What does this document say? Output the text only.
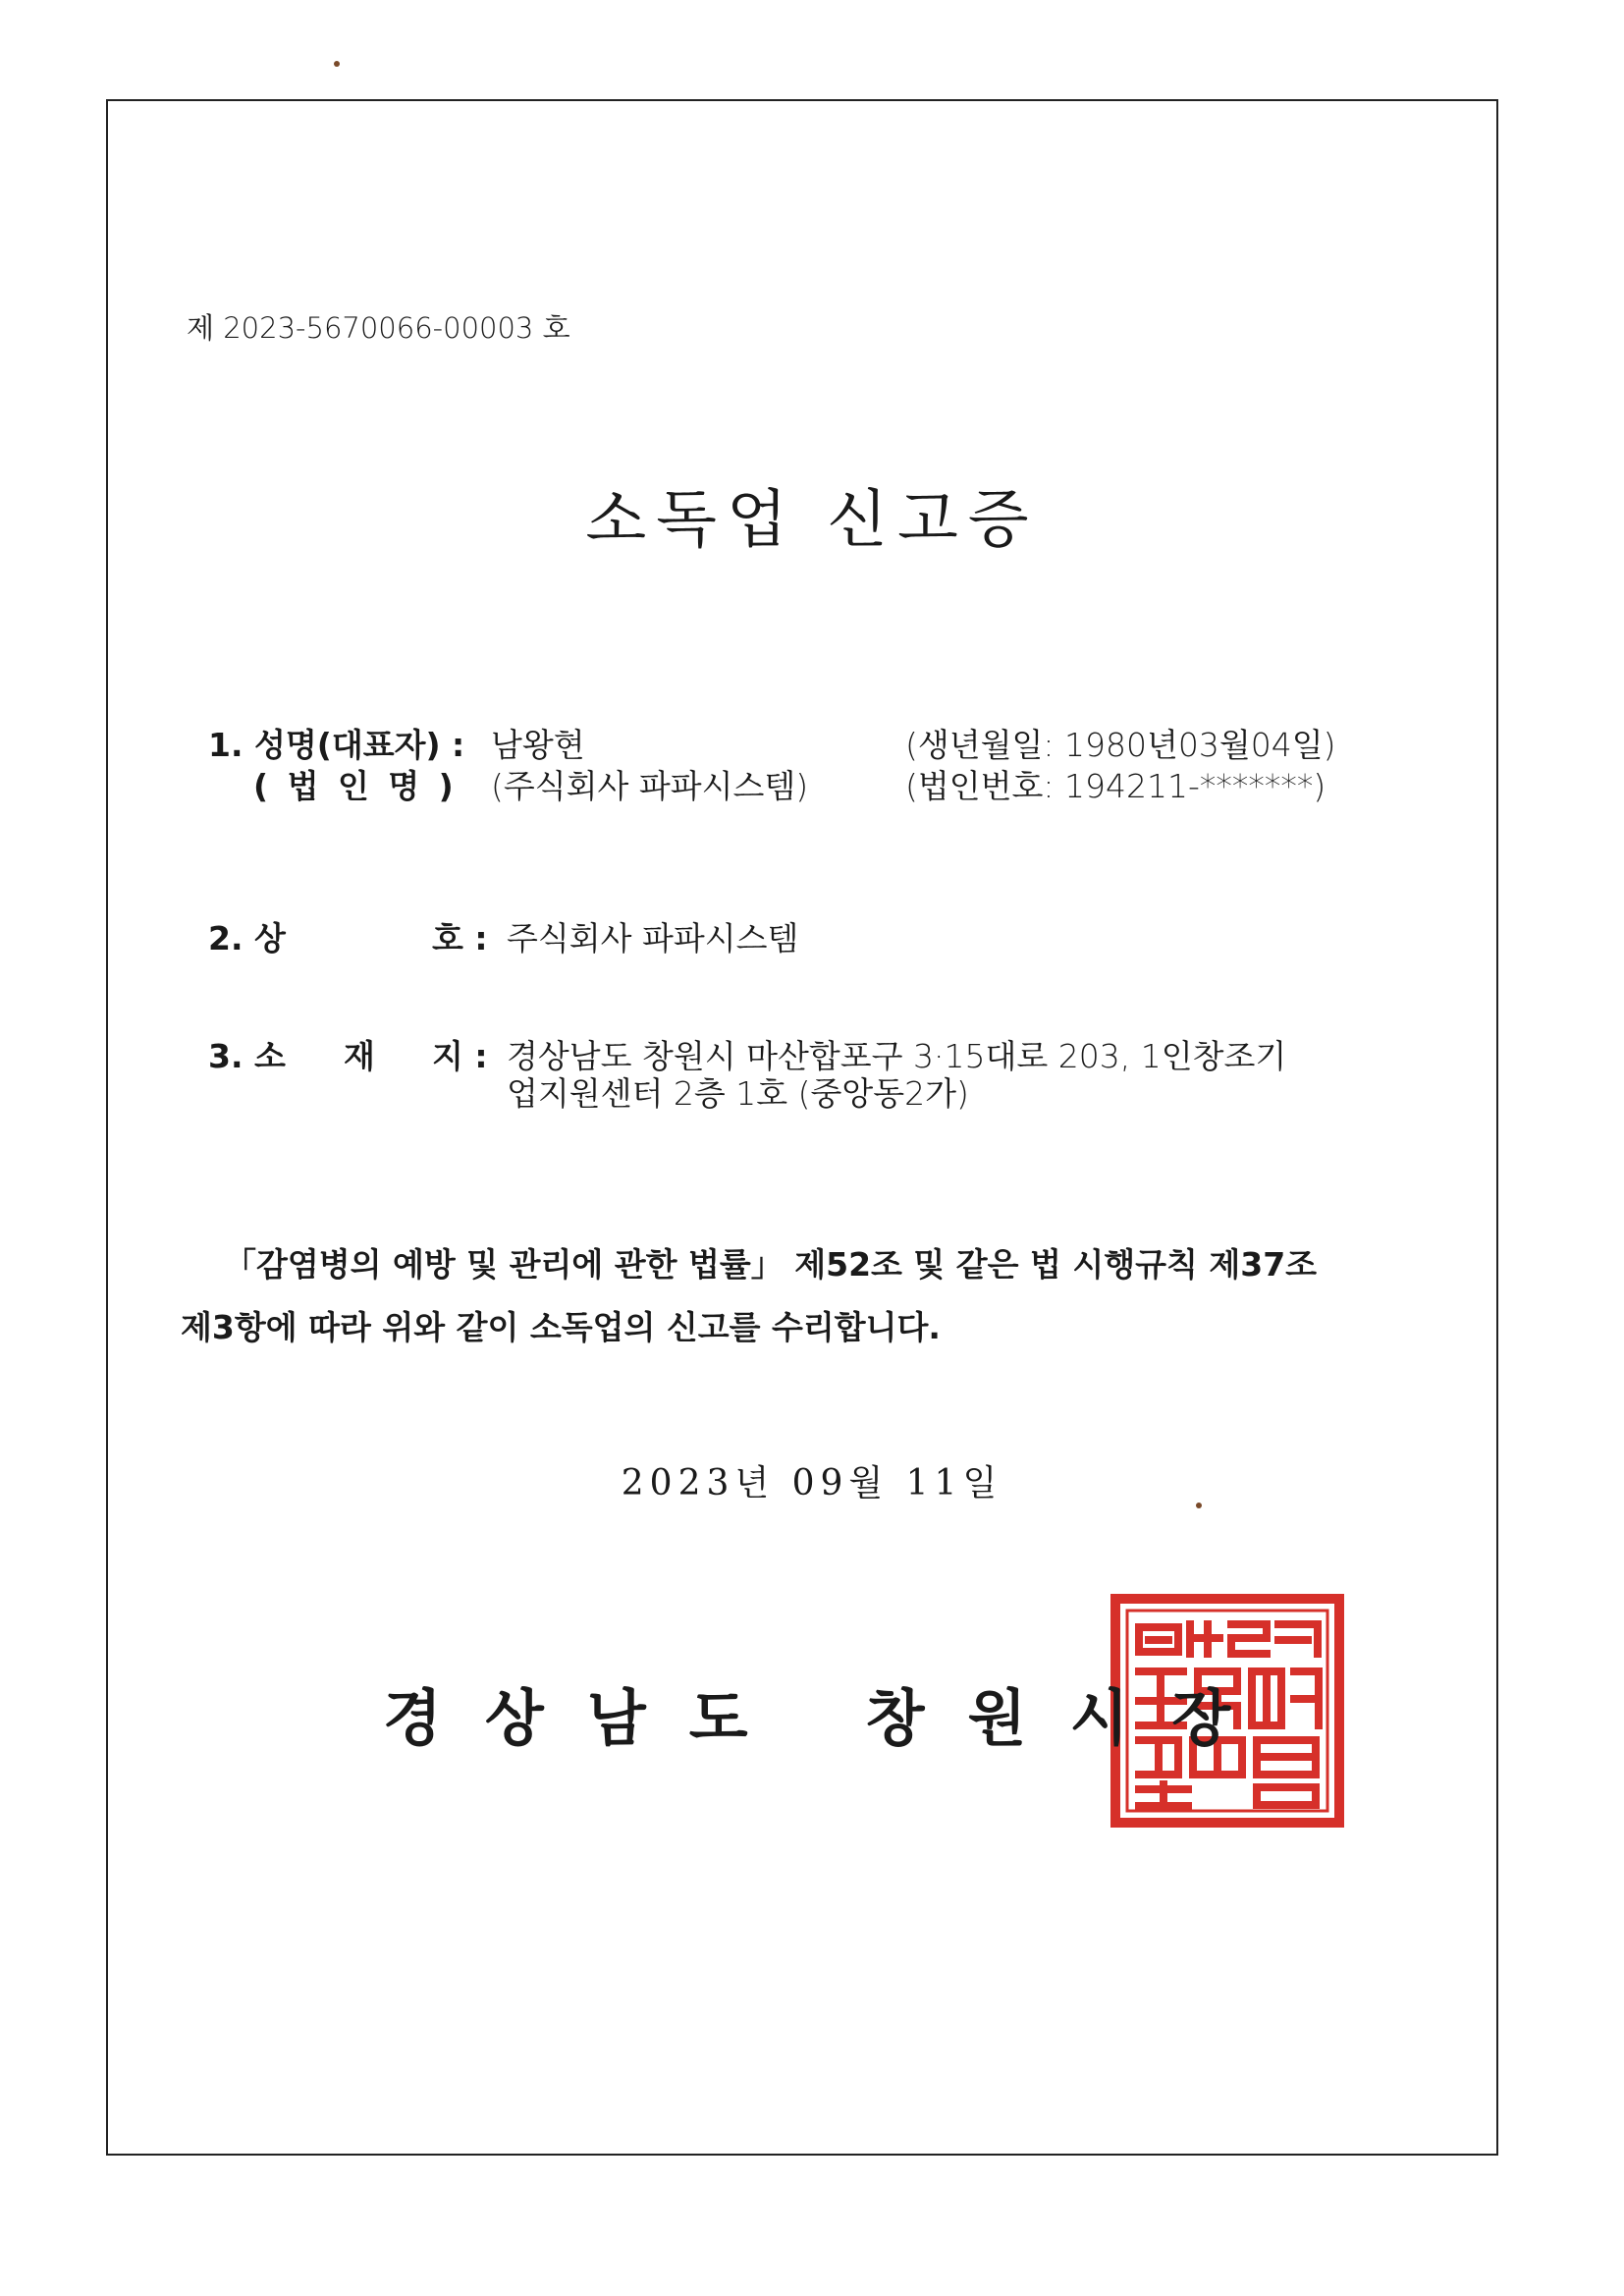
제 2023-5670066-00003 호
소독업 신고증
1. 성명(대표자) : 남왕현	(생년월일: 1980년03월04일)
( 법 인 명 ) (주식회사 파파시스템)	(법인번호: 194211-*******)
2. 상	호 : 주식회사 파파시스템
3. 소 재 지 : 경상남도 창원시 마산합포구 3·15대로 203, 1인창조기
업지원센터 2층 1호 (중앙동2가)
「감염병의 예방 및 관리에 관한 법률」 제52조 및 같은 법 시행규칙 제37조
제3항에 따라 위와 같이 소독업의 신고를 수리합니다.
2023년 09월 11일
경 상 남 도 창 원 시 장
